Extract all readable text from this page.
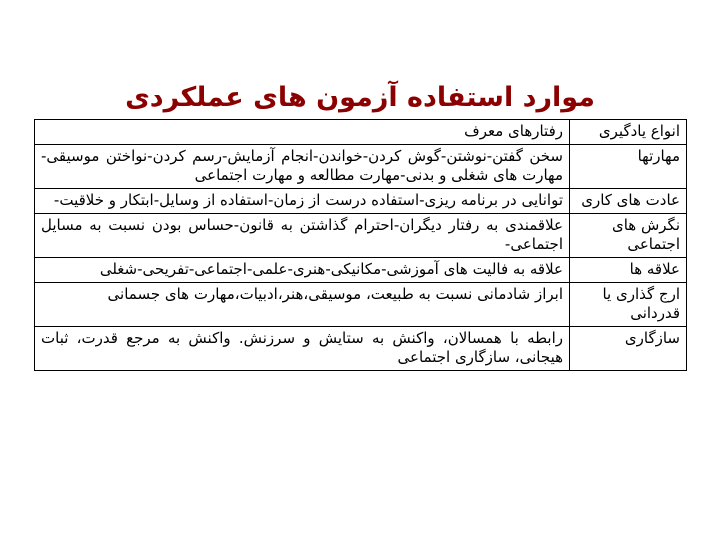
موارد استفاده آزمون های عملکردی
انواع یادگیری	رفتارهای معرف
مهارتها	سخن گفتن-نوشتن-گوش کردن-خواندن-انجام آزمایش-رسم کردن-نواختن موسیقی-مهارت های شغلی و بدنی-مهارت مطالعه و مهارت اجتماعی
عادت های کاری	توانایی در برنامه ریزی-استفاده درست از زمان-استفاده از وسایل-ابتکار و خلاقیت-
نگرش های اجتماعی	علاقمندی به رفتار دیگران-احترام گذاشتن به قانون-حساس بودن نسبت به مسایل اجتماعی-
علاقه ها	علاقه به فالیت های آموزشی-مکانیکی-هنری-علمی-اجتماعی-تفریحی-شغلی
ارج گذاری یا قدردانی	ابراز شادمانی نسبت به طبیعت، موسیقی،هنر،ادبیات،مهارت های جسمانی
سازگاری	رابطه با همسالان، واکنش به ستایش و سرزنش. واکنش به مرجع قدرت، ثبات هیجانی، سازگاری اجتماعی
